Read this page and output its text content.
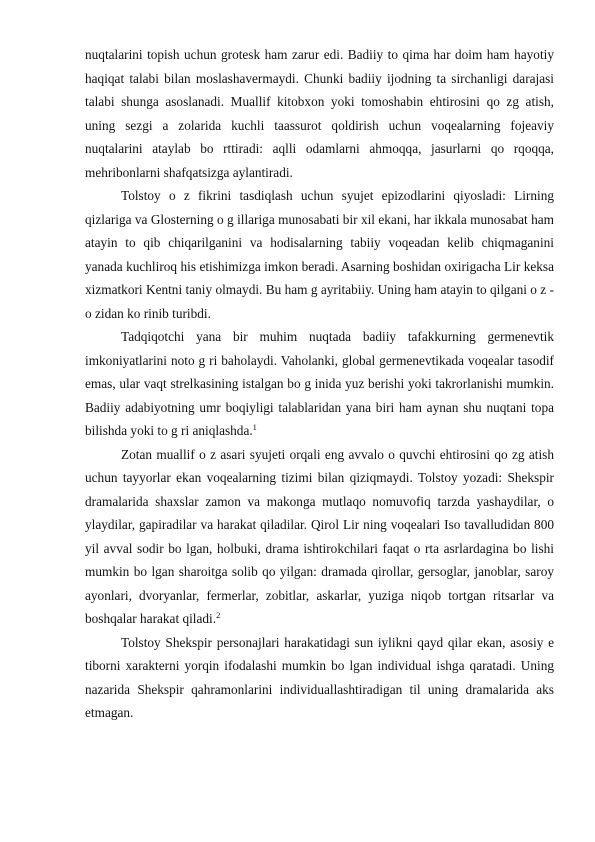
nuqtalarini topish uchun grotesk ham zarur edi. Badiiy to qima har doim ham hayotiy haqiqat talabi bilan moslashavermaydi. Chunki badiiy ijodning ta sirchanligi darajasi talabi shunga asoslanadi. Muallif kitobxon yoki tomoshabin ehtirosini qo zg atish, uning sezgi a zolarida kuchli taassurot qoldirish uchun voqealarning fojeaviy nuqtalarini ataylab bo rttiradi: aqlli odamlarni ahmoqqa, jasurlarni qo rqoqqa, mehribonlarni shafqatsizga aylantiradi.

Tolstoy o z fikrini tasdiqlash uchun syujet epizodlarini qiyosladi: Lirning qizlariga va Glosterning o g illariga munosabati bir xil ekani, har ikkala munosabat ham atayin to qib chiqarilganini va hodisalarning tabiiy voqeadan kelib chiqmaganini yanada kuchliroq his etishimizga imkon beradi. Asarning boshidan oxirigacha Lir keksa xizmatkori Kentni taniy olmaydi. Bu ham g ayritabiiy. Uning ham atayin to qilgani o z - o zidan ko rinib turibdi.

Tadqiqotchi yana bir muhim nuqtada badiiy tafakkurning germenevtik imkoniyatlarini noto g ri baholaydi. Vaholanki, global germenevtikada voqealar tasodif emas, ular vaqt strelkasining istalgan bo g inida yuz berishi yoki takrorlanishi mumkin. Badiiy adabiyotning umr boqiyligi talablaridan yana biri ham aynan shu nuqtani topa bilishda yoki to g ri aniqlashda.$^1$

Zotan muallif o z asari syujeti orqali eng avvalo o quvchi ehtirosini qo zg atish uchun tayyorlar ekan voqealarning tizimi bilan qiziqmaydi. Tolstoy yozadi: Shekspir dramalarida shaxslar zamon va makonga mutlaqo nomuvofiq tarzda yashaydilar, o ylaydilar, gapiradilar va harakat qiladilar. Qirol Lir ning voqealari Iso tavalludidan 800 yil avval sodir bo lgan, holbuki, drama ishtirokchilari faqat o rta asrlardagina bo lishi mumkin bo lgan sharoitga solib qo yilgan: dramada qirollar, gersoglar, janoblar, saroy ayonlari, dvoryanlar, fermerlar, zobitlar, askarlar, yuziga niqob tortgan ritsarlar va boshqalar harakat qiladi.$^2$

Tolstoy Shekspir personajlari harakatidagi sun iylikni qayd qilar ekan, asosiy e tiborni xarakterni yorqin ifodalashi mumkin bo lgan individual ishga qaratadi. Uning nazarida Shekspir qahramonlarini individuallashtiradigan til uning dramalarida aks etmagan.
